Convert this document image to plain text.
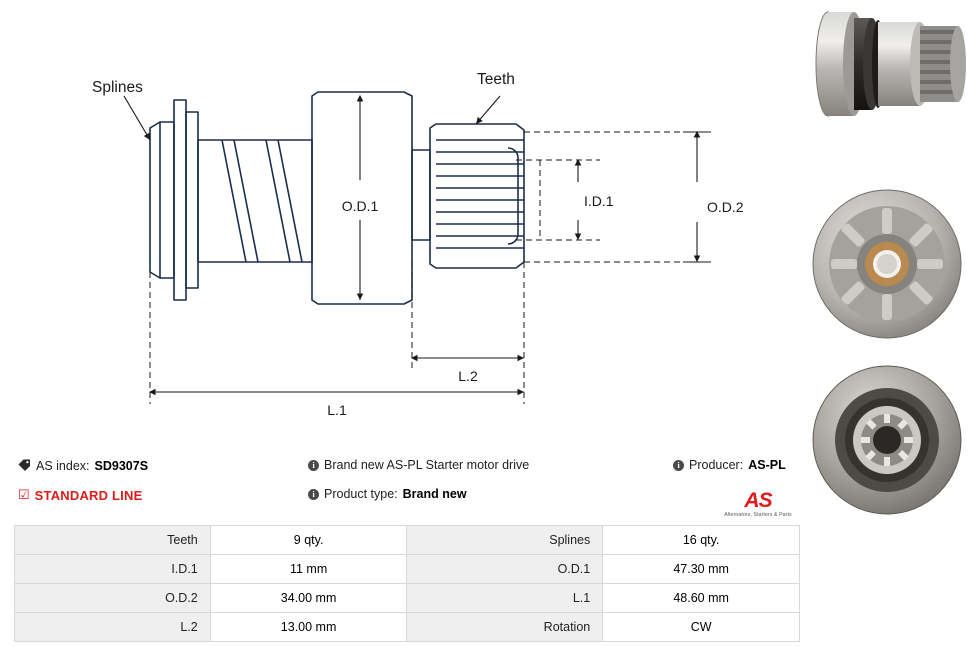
Splines	Teeth
O.D.1	I.D.1	O.D.2
L.2
L.1
AS index: SD9307S	i Brand new AS-PL Starter motor drive	i Producer: AS-PL
☑ STANDARD LINE	i Product type: Brand new	AS
Alternators, Starters & Parts
Teeth	9 qty.	Splines	16 qty.
I.D.1	11 mm	O.D.1	47.30 mm
O.D.2	34.00 mm	L.1	48.60 mm
L.2	13.00 mm	Rotation	CW
